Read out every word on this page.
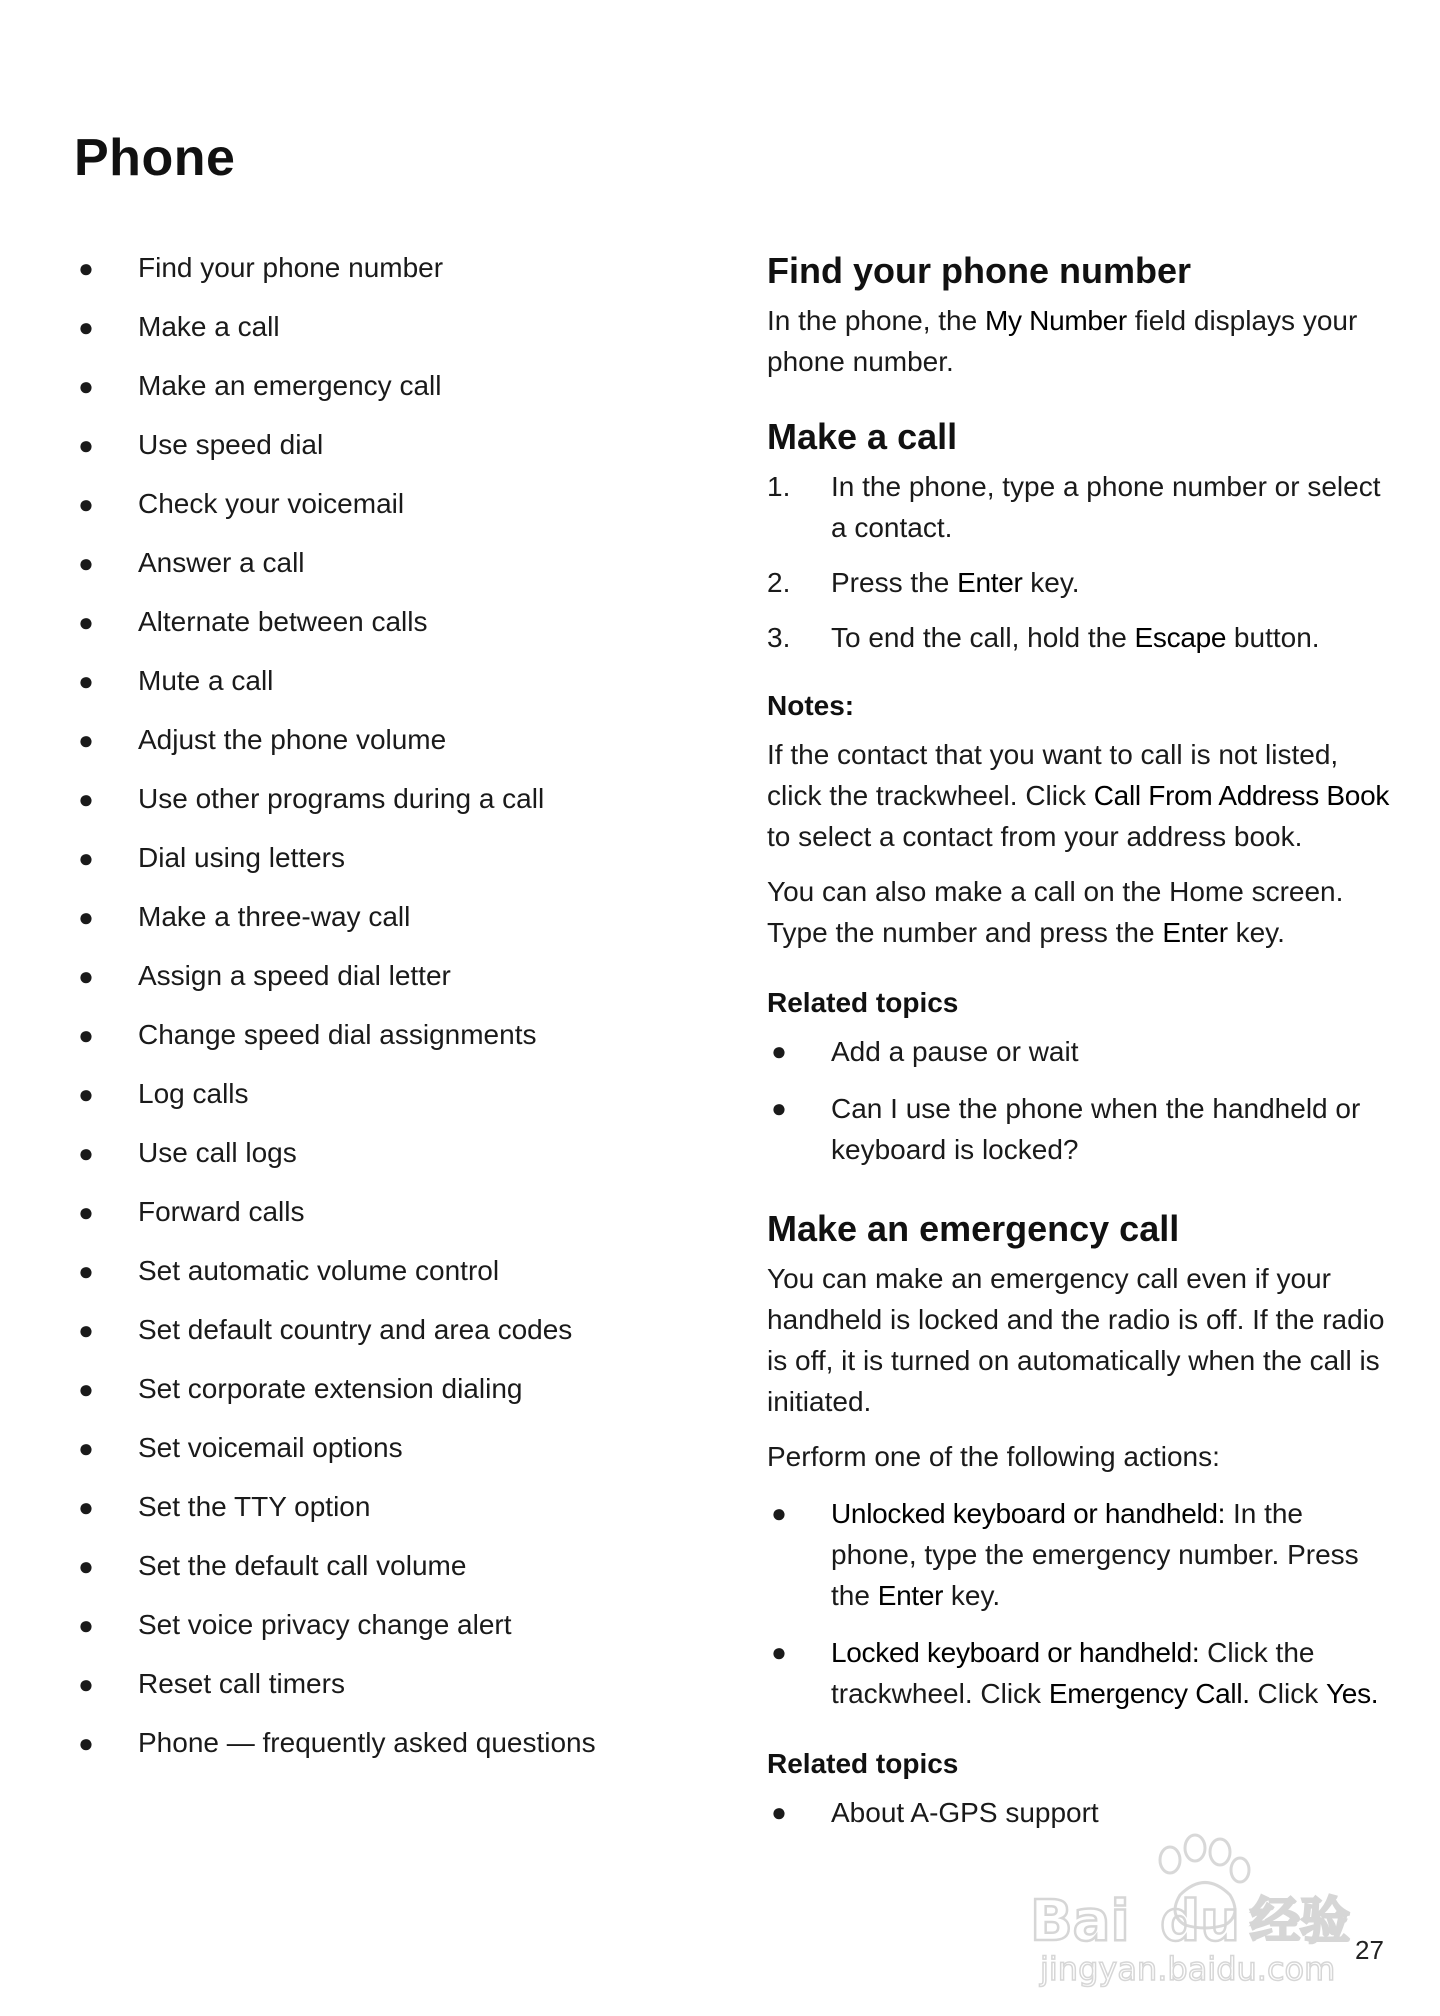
Phone
● Find your phone number
● Make a call
● Make an emergency call
● Use speed dial
● Check your voicemail
● Answer a call
● Alternate between calls
● Mute a call
● Adjust the phone volume
● Use other programs during a call
● Dial using letters
● Make a three-way call
● Assign a speed dial letter
● Change speed dial assignments
● Log calls
● Use call logs
● Forward calls
● Set automatic volume control
● Set default country and area codes
● Set corporate extension dialing
● Set voicemail options
● Set the TTY option
● Set the default call volume
● Set voice privacy change alert
● Reset call timers
● Phone — frequently asked questions
Find your phone number

In the phone, the My Number field displays your phone number.

Make a call
1. In the phone, type a phone number or select a contact.
2. Press the Enter key.
3. To end the call, hold the Escape button.
Notes:

If the contact that you want to call is not listed, click the trackwheel. Click Call From Address Book to select a contact from your address book.

You can also make a call on the Home screen. Type the number and press the Enter key.

Related topics
● Add a pause or wait
● Can I use the phone when the handheld or keyboard is locked?
Make an emergency call

You can make an emergency call even if your handheld is locked and the radio is off. If the radio is off, it is turned on automatically when the call is initiated.

Perform one of the following actions:

● Unlocked keyboard or handheld: In the phone, type the emergency number. Press the Enter key.
● Locked keyboard or handheld: Click the trackwheel. Click Emergency Call. Click Yes.
Related topics
● About A-GPS support
Bai du 经验
jingyan.baidu.com 27
